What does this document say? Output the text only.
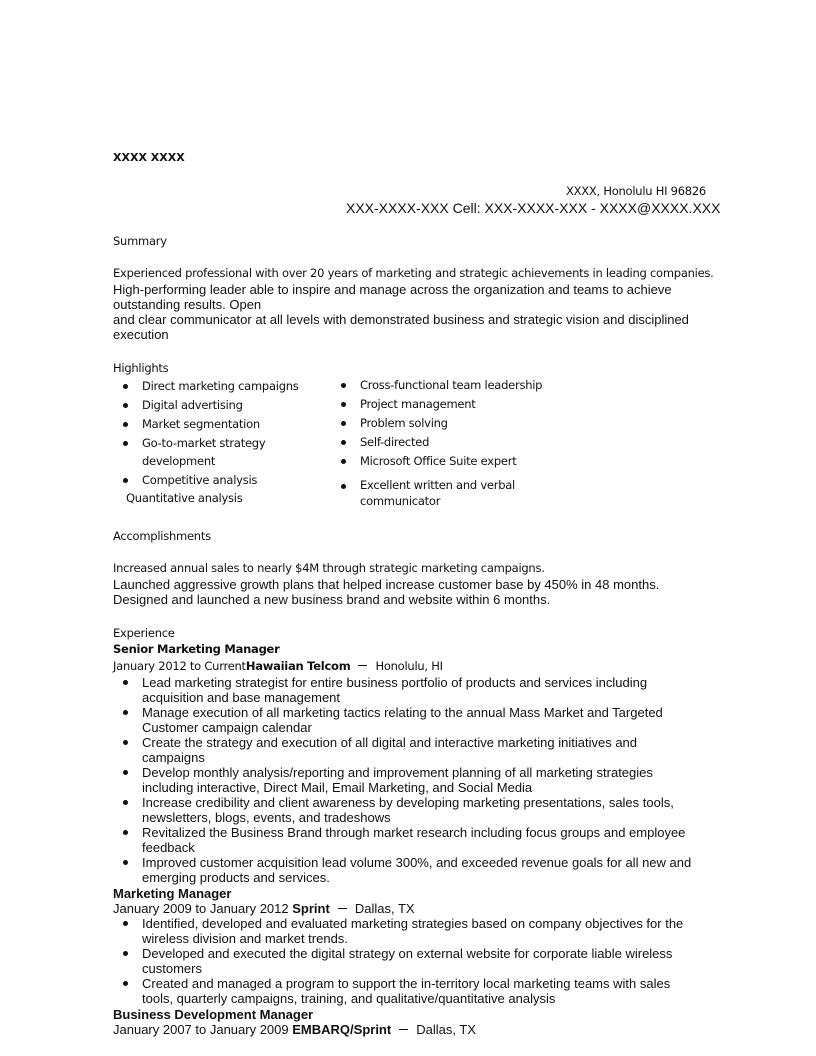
XXXX XXXX
XXXX, Honolulu HI 96826
XXX-XXXX-XXX Cell: XXX-XXXX-XXX - XXXX@XXXX.XXX
Summary
Experienced professional with over 20 years of marketing and strategic achievements in leading companies.
High-performing leader able to inspire and manage across the organization and teams to achieve
outstanding results. Open
and clear communicator at all levels with demonstrated business and strategic vision and disciplined
execution
Highlights
Direct marketing campaigns
Digital advertising
Market segmentation
Go-to-market strategy development
Competitive analysis
Quantitative analysis
Cross-functional team leadership
Project management
Problem solving
Self-directed
Microsoft Office Suite expert
Excellent written and verbal communicator
Accomplishments
Increased annual sales to nearly $4M through strategic marketing campaigns.
Launched aggressive growth plans that helped increase customer base by 450% in 48 months.
Designed and launched a new business brand and website within 6 months.
Experience
Senior Marketing Manager
January 2012 to CurrentHawaiian Telcom Honolulu, HI
Lead marketing strategist for entire business portfolio of products and services including acquisition and base management
Manage execution of all marketing tactics relating to the annual Mass Market and Targeted Customer campaign calendar
Create the strategy and execution of all digital and interactive marketing initiatives and campaigns
Develop monthly analysis/reporting and improvement planning of all marketing strategies including interactive, Direct Mail, Email Marketing, and Social Media
Increase credibility and client awareness by developing marketing presentations, sales tools, newsletters, blogs, events, and tradeshows
Revitalized the Business Brand through market research including focus groups and employee feedback
Improved customer acquisition lead volume 300%, and exceeded revenue goals for all new and emerging products and services.
Marketing Manager
January 2009 to January 2012 Sprint Dallas, TX
Identified, developed and evaluated marketing strategies based on company objectives for the wireless division and market trends.
Developed and executed the digital strategy on external website for corporate liable wireless customers
Created and managed a program to support the in-territory local marketing teams with sales tools, quarterly campaigns, training, and qualitative/quantitative analysis
Business Development Manager
January 2007 to January 2009 EMBARQ/Sprint Dallas, TX
